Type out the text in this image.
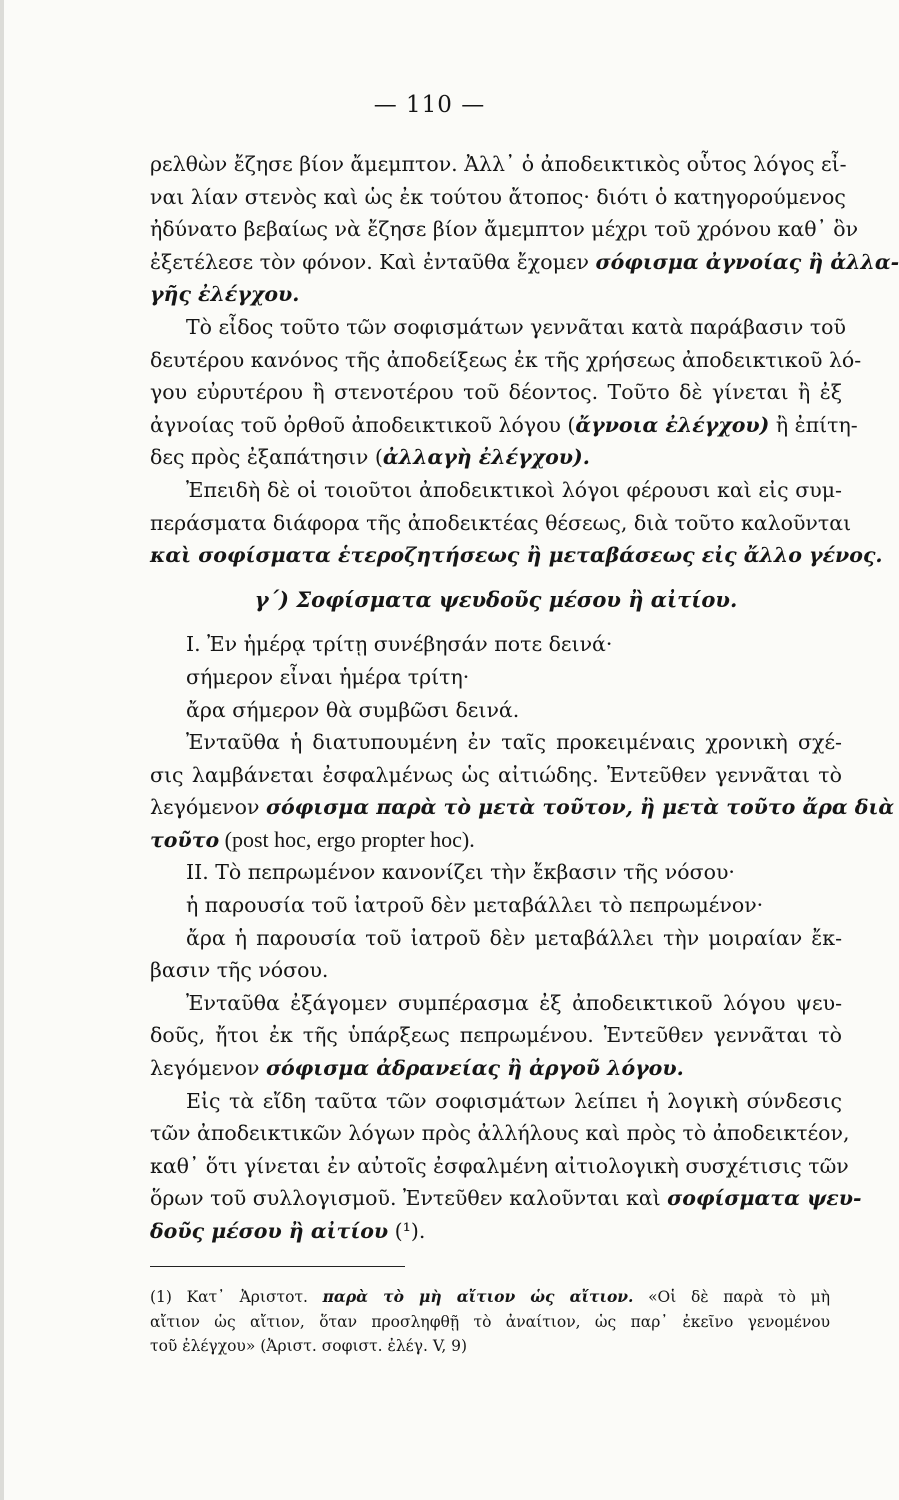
— 110 —
ρελθὼν ἔζησε βίον ἄμεμπτον. Ἀλλ᾽ ὁ ἀποδεικτικὸς οὗτος λόγος εἶ-
ναι λίαν στενὸς καὶ ὡς ἐκ τούτου ἄτοπος· διότι ὁ κατηγορούμενος
ἠδύνατο βεβαίως νὰ ἔζησε βίον ἄμεμπτον μέχρι τοῦ χρόνου καθ᾽ ὃν
ἐξετέλεσε τὸν φόνον. Καὶ ἐνταῦθα ἔχομεν σόφισμα ἀγνοίας ἢ ἀλλα-
γῆς ἐλέγχου.
Τὸ εἶδος τοῦτο τῶν σοφισμάτων γεννᾶται κατὰ παράβασιν τοῦ
δευτέρου κανόνος τῆς ἀποδείξεως ἐκ τῆς χρήσεως ἀποδεικτικοῦ λό-
γου εὐρυτέρου ἢ στενοτέρου τοῦ δέοντος. Τοῦτο δὲ γίνεται ἢ ἐξ
ἀγνοίας τοῦ ὀρθοῦ ἀποδεικτικοῦ λόγου (ἄγνοια ἐλέγχου) ἢ ἐπίτη-
δες πρὸς ἐξαπάτησιν (ἀλλαγὴ ἐλέγχου).
Ἐπειδὴ δὲ οἱ τοιοῦτοι ἀποδεικτικοὶ λόγοι φέρουσι καὶ εἰς συμ-
περάσματα διάφορα τῆς ἀποδεικτέας θέσεως, διὰ τοῦτο καλοῦνται
καὶ σοφίσματα ἑτεροζητήσεως ἢ μεταβάσεως εἰς ἄλλο γένος.
γ΄) Σοφίσματα ψευδοῦς μέσου ἢ αἰτίου.
Ι. Ἐν ἡμέρᾳ τρίτῃ συνέβησάν ποτε δεινά·
σήμερον εἶναι ἡμέρα τρίτη·
ἄρα σήμερον θὰ συμβῶσι δεινά.
Ἐνταῦθα ἡ διατυπουμένη ἐν ταῖς προκειμέναις χρονικὴ σχέ-
σις λαμβάνεται ἐσφαλμένως ὡς αἰτιώδης. Ἐντεῦθεν γεννᾶται τὸ
λεγόμενον σόφισμα παρὰ τὸ μετὰ τοῦτον, ἢ μετὰ τοῦτο ἄρα διὰ
τοῦτο (post hoc, ergo propter hoc).
ΙΙ. Τὸ πεπρωμένον κανονίζει τὴν ἔκβασιν τῆς νόσου·
ἡ παρουσία τοῦ ἰατροῦ δὲν μεταβάλλει τὸ πεπρωμένον·
ἄρα ἡ παρουσία τοῦ ἰατροῦ δὲν μεταβάλλει τὴν μοιραίαν ἔκ-
βασιν τῆς νόσου.
Ἐνταῦθα ἐξάγομεν συμπέρασμα ἐξ ἀποδεικτικοῦ λόγου ψευ-
δοῦς, ἤτοι ἐκ τῆς ὑπάρξεως πεπρωμένου. Ἐντεῦθεν γεννᾶται τὸ
λεγόμενον σόφισμα ἀδρανείας ἢ ἀργοῦ λόγου.
Εἰς τὰ εἴδη ταῦτα τῶν σοφισμάτων λείπει ἡ λογικὴ σύνδεσις
τῶν ἀποδεικτικῶν λόγων πρὸς ἀλλήλους καὶ πρὸς τὸ ἀποδεικτέον,
καθ᾽ ὅτι γίνεται ἐν αὐτοῖς ἐσφαλμένη αἰτιολογικὴ συσχέτισις τῶν
ὅρων τοῦ συλλογισμοῦ. Ἐντεῦθεν καλοῦνται καὶ σοφίσματα ψευ-
δοῦς μέσου ἢ αἰτίου (¹).
(1) Κατ᾽ Ἀριστοτ. παρὰ τὸ μὴ αἴτιον ὡς αἴτιον. «Οἱ δὲ παρὰ τὸ μὴ
αἴτιον ὡς αἴτιον, ὅταν προσληφθῇ τὸ ἀναίτιον, ὡς παρ᾽ ἐκεῖνο γενομένου
τοῦ ἐλέγχου» (Ἀριστ. σοφιστ. ἐλέγ. V, 9)
